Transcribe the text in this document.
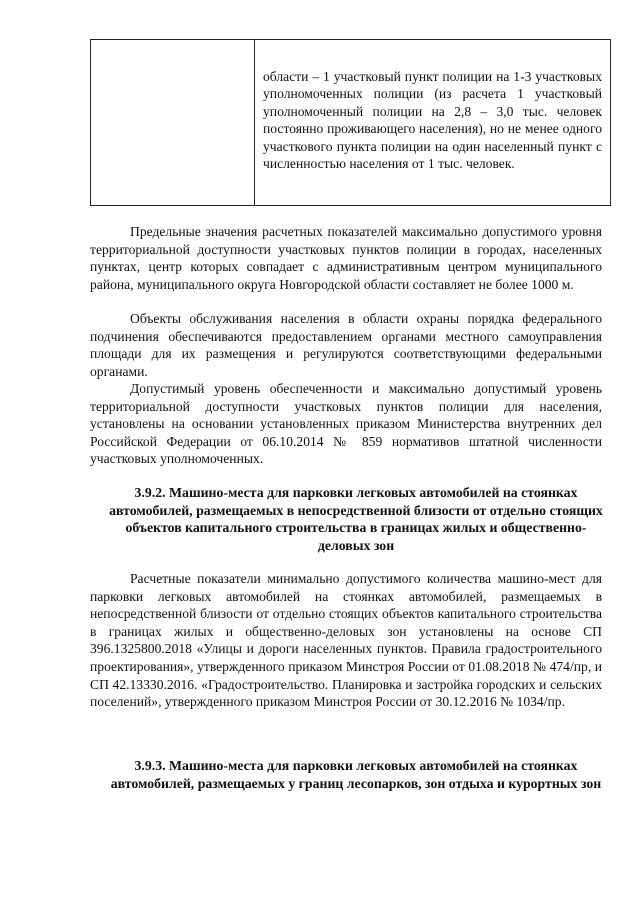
области – 1 участковый пункт полиции на 1-3 участковых уполномоченных полиции (из расчета 1 участковый уполномоченный полиции на 2,8 – 3,0 тыс. человек постоянно проживающего населения), но не менее одного участкового пункта полиции на один населенный пункт с численностью населения от 1 тыс. человек.

Предельные значения расчетных показателей максимально допустимого уровня территориальной доступности участковых пунктов полиции в городах, населенных пунктах, центр которых совпадает с административным центром муниципального района, муниципального округа Новгородской области составляет не более 1000 м.

Объекты обслуживания населения в области охраны порядка федерального подчинения обеспечиваются предоставлением органами местного самоуправления площади для их размещения и регулируются соответствующими федеральными органами.

Допустимый уровень обеспеченности и максимально допустимый уровень территориальной доступности участковых пунктов полиции для населения, установлены на основании установленных приказом Министерства внутренних дел Российской Федерации от 06.10.2014 № 859 нормативов штатной численности участковых уполномоченных.

3.9.2. Машино-места для парковки легковых автомобилей на стоянках автомобилей, размещаемых в непосредственной близости от отдельно стоящих объектов капитального строительства в границах жилых и общественно-деловых зон

Расчетные показатели минимально допустимого количества машино-мест для парковки легковых автомобилей на стоянках автомобилей, размещаемых в непосредственной близости от отдельно стоящих объектов капитального строительства в границах жилых и общественно-деловых зон установлены на основе СП 396.1325800.2018 «Улицы и дороги населенных пунктов. Правила градостроительного проектирования», утвержденного приказом Минстроя России от 01.08.2018 № 474/пр, и СП 42.13330.2016. «Градостроительство. Планировка и застройка городских и сельских поселений», утвержденного приказом Минстроя России от 30.12.2016 № 1034/пр.

3.9.3. Машино-места для парковки легковых автомобилей на стоянках автомобилей, размещаемых у границ лесопарков, зон отдыха и курортных зон
